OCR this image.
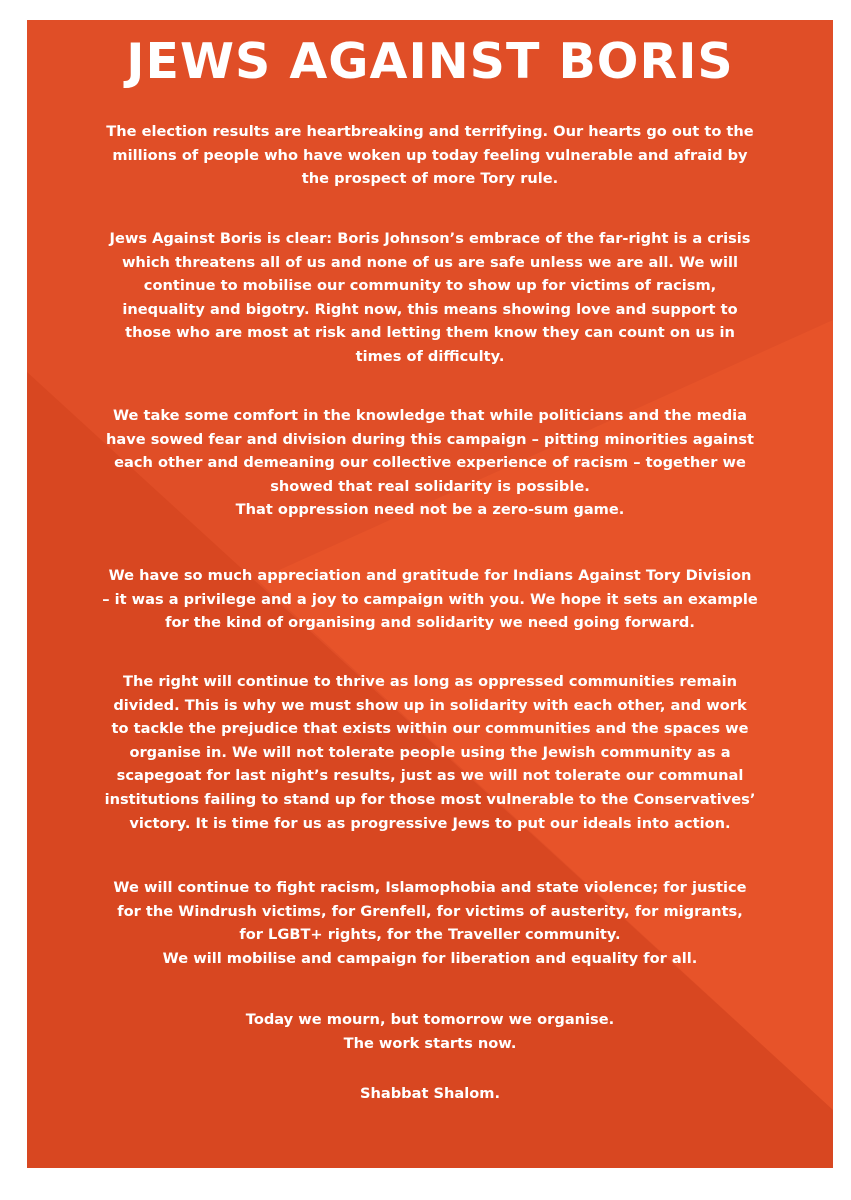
JEWS AGAINST BORIS

The election results are heartbreaking and terrifying. Our hearts go out to the
millions of people who have woken up today feeling vulnerable and afraid by
the prospect of more Tory rule.

Jews Against Boris is clear: Boris Johnson’s embrace of the far-right is a crisis
which threatens all of us and none of us are safe unless we are all. We will
continue to mobilise our community to show up for victims of racism,
inequality and bigotry. Right now, this means showing love and support to
those who are most at risk and letting them know they can count on us in
times of difficulty.

We take some comfort in the knowledge that while politicians and the media
have sowed fear and division during this campaign – pitting minorities against
each other and demeaning our collective experience of racism – together we
showed that real solidarity is possible.
That oppression need not be a zero-sum game.

We have so much appreciation and gratitude for Indians Against Tory Division
– it was a privilege and a joy to campaign with you. We hope it sets an example
for the kind of organising and solidarity we need going forward.

The right will continue to thrive as long as oppressed communities remain
divided. This is why we must show up in solidarity with each other, and work
to tackle the prejudice that exists within our communities and the spaces we
organise in. We will not tolerate people using the Jewish community as a
scapegoat for last night’s results, just as we will not tolerate our communal
institutions failing to stand up for those most vulnerable to the Conservatives’
victory. It is time for us as progressive Jews to put our ideals into action.

We will continue to fight racism, Islamophobia and state violence; for justice
for the Windrush victims, for Grenfell, for victims of austerity, for migrants,
for LGBT+ rights, for the Traveller community.
We will mobilise and campaign for liberation and equality for all.

Today we mourn, but tomorrow we organise.
The work starts now.

Shabbat Shalom.
